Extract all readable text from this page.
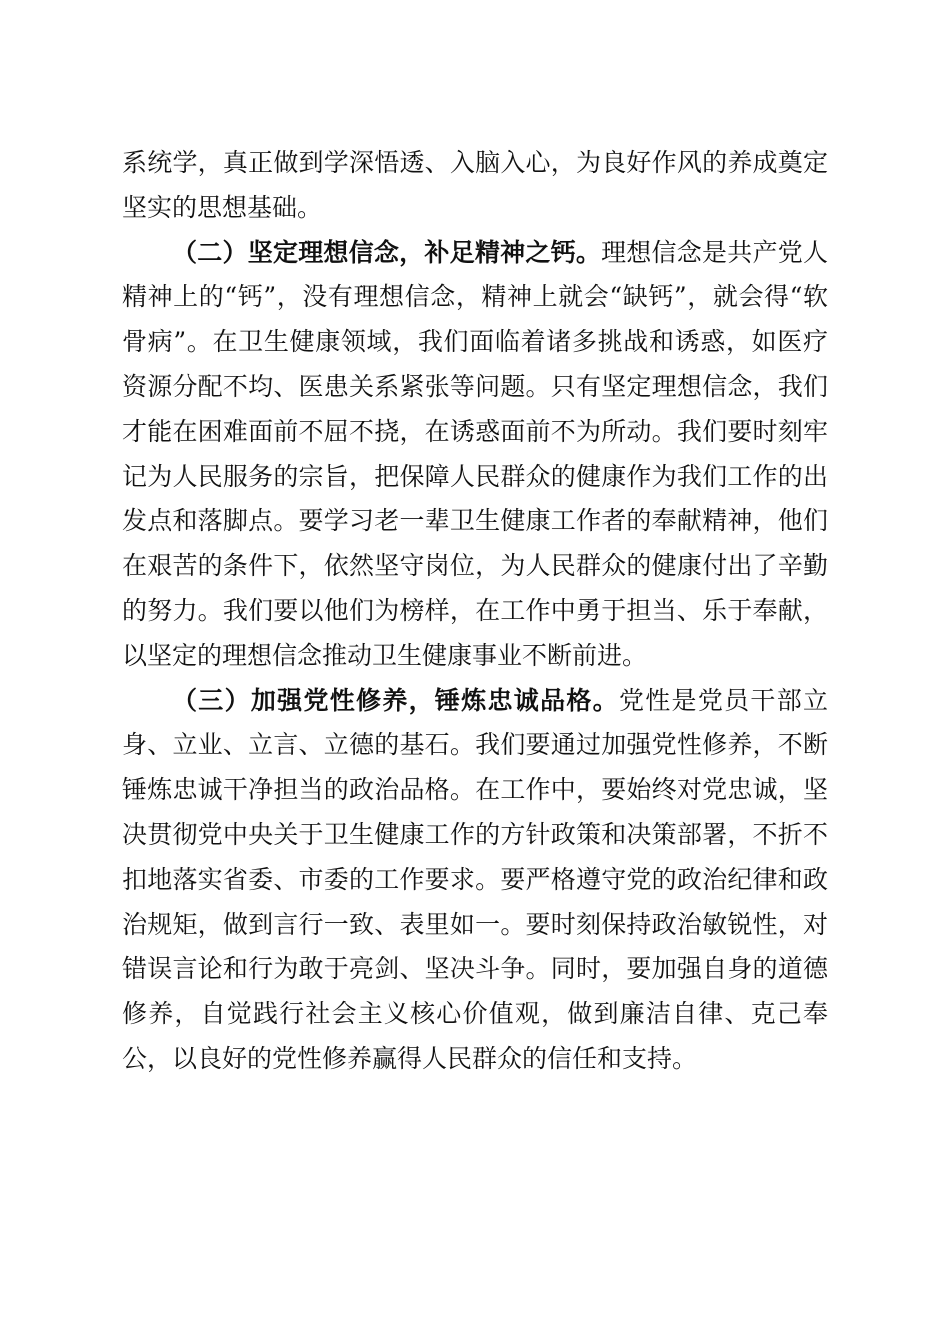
系统学，真正做到学深悟透、入脑入心，为良好作风的养成奠定坚实的思想基础。

（二）坚定理想信念，补足精神之钙。理想信念是共产党人精神上的“钙”，没有理想信念，精神上就会“缺钙”，就会得“软骨病”。在卫生健康领域，我们面临着诸多挑战和诱惑，如医疗资源分配不均、医患关系紧张等问题。只有坚定理想信念，我们才能在困难面前不屈不挠，在诱惑面前不为所动。我们要时刻牢记为人民服务的宗旨，把保障人民群众的健康作为我们工作的出发点和落脚点。要学习老一辈卫生健康工作者的奉献精神，他们在艰苦的条件下，依然坚守岗位，为人民群众的健康付出了辛勤的努力。我们要以他们为榜样，在工作中勇于担当、乐于奉献，以坚定的理想信念推动卫生健康事业不断前进。

（三）加强党性修养，锤炼忠诚品格。党性是党员干部立身、立业、立言、立德的基石。我们要通过加强党性修养，不断锤炼忠诚干净担当的政治品格。在工作中，要始终对党忠诚，坚决贯彻党中央关于卫生健康工作的方针政策和决策部署，不折不扣地落实省委、市委的工作要求。要严格遵守党的政治纪律和政治规矩，做到言行一致、表里如一。要时刻保持政治敏锐性，对错误言论和行为敢于亮剑、坚决斗争。同时，要加强自身的道德修养，自觉践行社会主义核心价值观，做到廉洁自律、克己奉公，以良好的党性修养赢得人民群众的信任和支持。
